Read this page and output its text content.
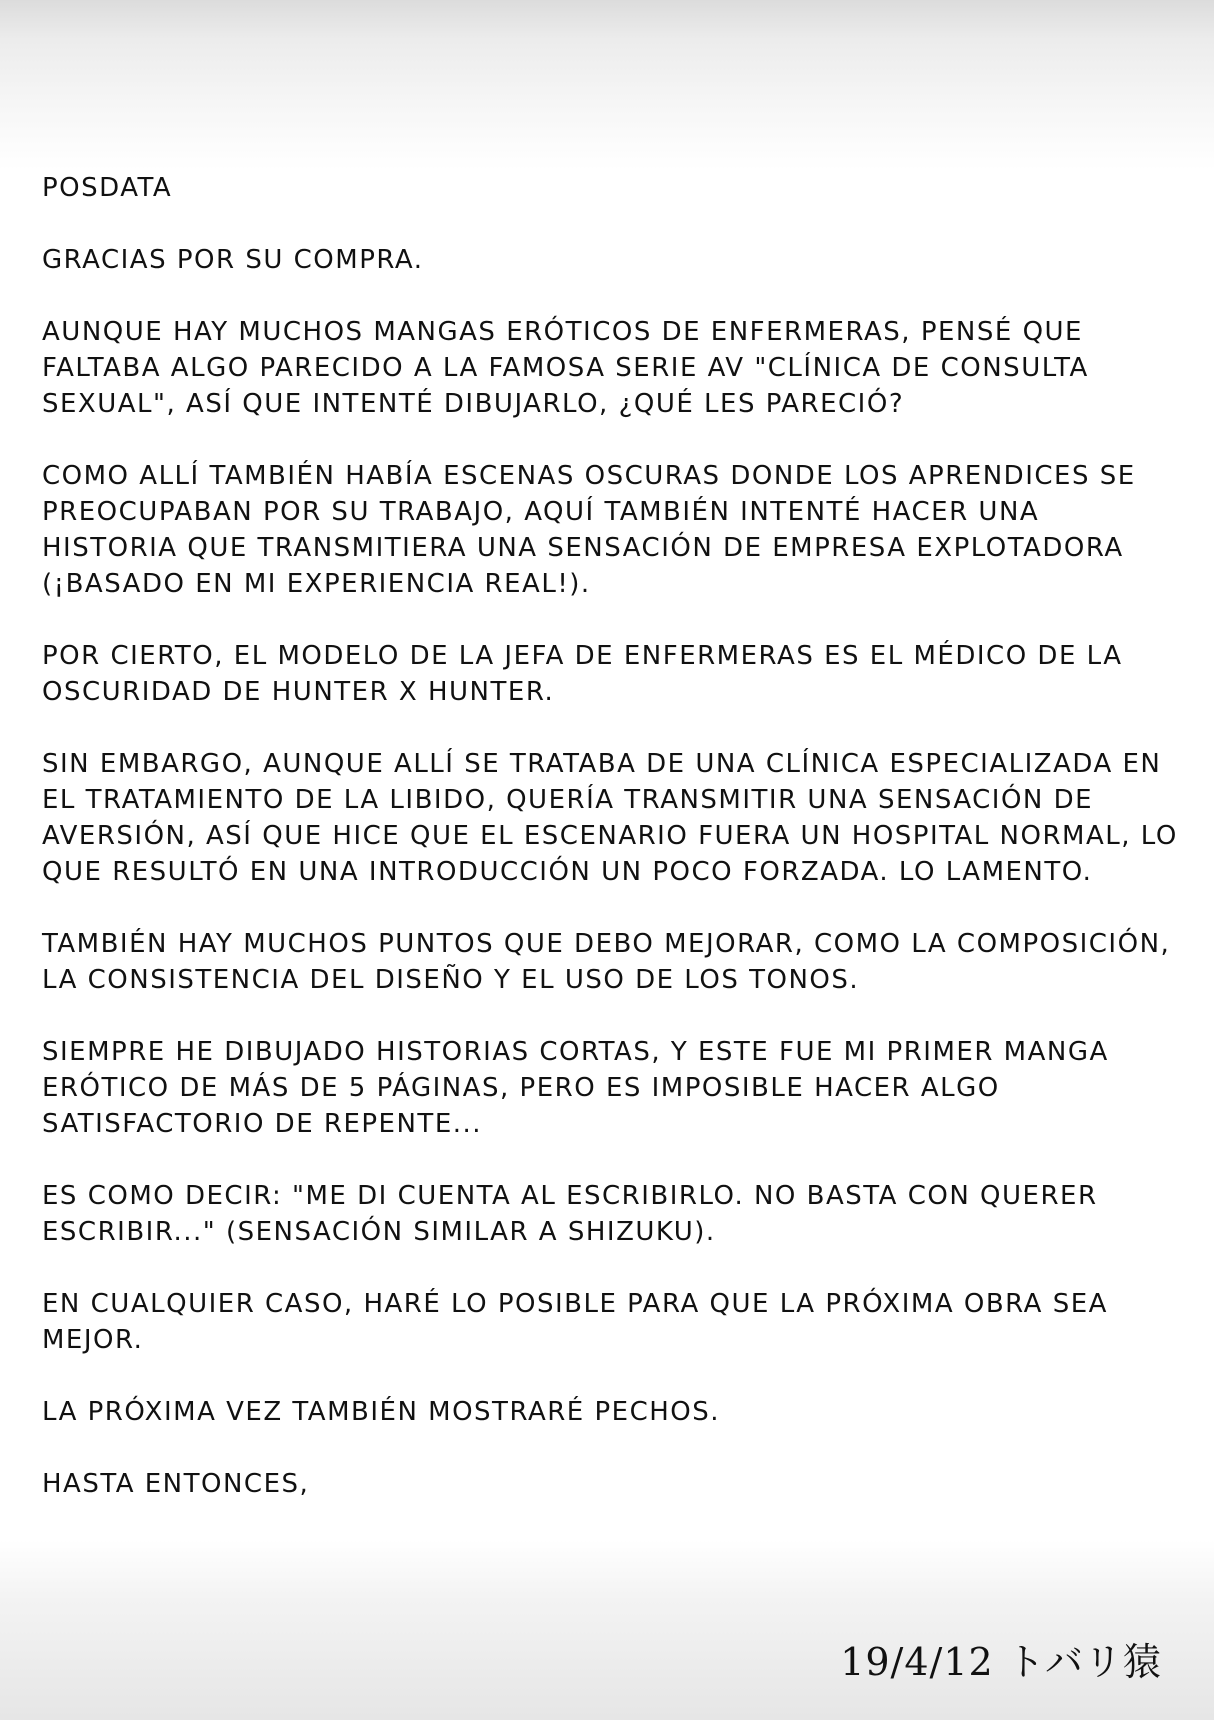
POSDATA

GRACIAS POR SU COMPRA.

AUNQUE HAY MUCHOS MANGAS ERÓTICOS DE ENFERMERAS, PENSÉ QUE FALTABA ALGO PARECIDO A LA FAMOSA SERIE AV "CLÍNICA DE CONSULTA SEXUAL", ASÍ QUE INTENTÉ DIBUJARLO, ¿QUÉ LES PARECIÓ?

COMO ALLÍ TAMBIÉN HABÍA ESCENAS OSCURAS DONDE LOS APRENDICES SE PREOCUPABAN POR SU TRABAJO, AQUÍ TAMBIÉN INTENTÉ HACER UNA HISTORIA QUE TRANSMITIERA UNA SENSACIÓN DE EMPRESA EXPLOTADORA (¡BASADO EN MI EXPERIENCIA REAL!).

POR CIERTO, EL MODELO DE LA JEFA DE ENFERMERAS ES EL MÉDICO DE LA OSCURIDAD DE HUNTER X HUNTER.

SIN EMBARGO, AUNQUE ALLÍ SE TRATABA DE UNA CLÍNICA ESPECIALIZADA EN EL TRATAMIENTO DE LA LIBIDO, QUERÍA TRANSMITIR UNA SENSACIÓN DE AVERSIÓN, ASÍ QUE HICE QUE EL ESCENARIO FUERA UN HOSPITAL NORMAL, LO QUE RESULTÓ EN UNA INTRODUCCIÓN UN POCO FORZADA. LO LAMENTO.

TAMBIÉN HAY MUCHOS PUNTOS QUE DEBO MEJORAR, COMO LA COMPOSICIÓN, LA CONSISTENCIA DEL DISEÑO Y EL USO DE LOS TONOS.

SIEMPRE HE DIBUJADO HISTORIAS CORTAS, Y ESTE FUE MI PRIMER MANGA ERÓTICO DE MÁS DE 5 PÁGINAS, PERO ES IMPOSIBLE HACER ALGO SATISFACTORIO DE REPENTE...

ES COMO DECIR: "ME DI CUENTA AL ESCRIBIRLO. NO BASTA CON QUERER ESCRIBIR..." (SENSACIÓN SIMILAR A SHIZUKU).

EN CUALQUIER CASO, HARÉ LO POSIBLE PARA QUE LA PRÓXIMA OBRA SEA MEJOR.

LA PRÓXIMA VEZ TAMBIÉN MOSTRARÉ PECHOS.

HASTA ENTONCES,

19/4/12 トバリ猿
